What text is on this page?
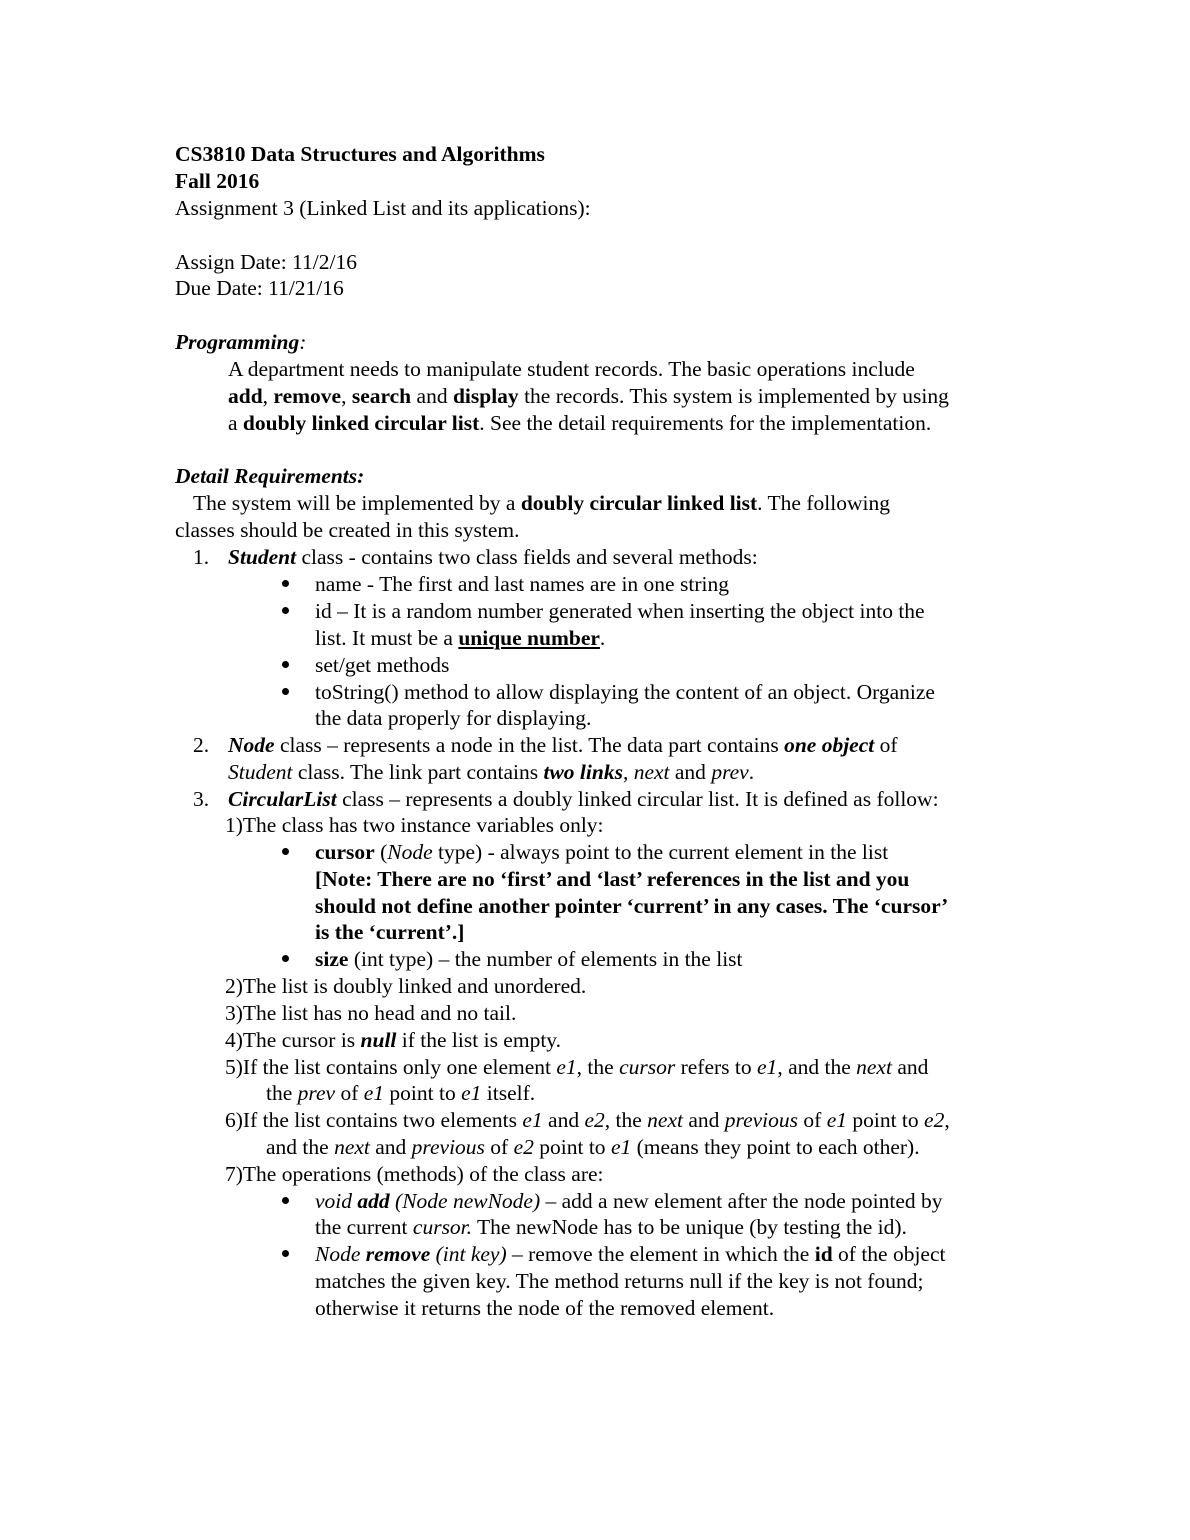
CS3810 Data Structures and Algorithms
Fall 2016
Assignment 3 (Linked List and its applications):
Assign Date: 11/2/16
Due Date: 11/21/16
Programming:
A department needs to manipulate student records. The basic operations include
add, remove, search and display the records. This system is implemented by using
a doubly linked circular list. See the detail requirements for the implementation.
Detail Requirements:
The system will be implemented by a doubly circular linked list. The following
classes should be created in this system.
1. Student class - contains two class fields and several methods:
name - The first and last names are in one string
id – It is a random number generated when inserting the object into the
list. It must be a unique number.
set/get methods
toString() method to allow displaying the content of an object. Organize
the data properly for displaying.
2. Node class – represents a node in the list. The data part contains one object of
Student class. The link part contains two links, next and prev.
3. CircularList class – represents a doubly linked circular list. It is defined as follow:
1)The class has two instance variables only:
cursor (Node type) - always point to the current element in the list
[Note: There are no ‘first’ and ‘last’ references in the list and you
should not define another pointer ‘current’ in any cases. The ‘cursor’
is the ‘current’.]
size (int type) – the number of elements in the list
2)The list is doubly linked and unordered.
3)The list has no head and no tail.
4)The cursor is null if the list is empty.
5)If the list contains only one element e1, the cursor refers to e1, and the next and
the prev of e1 point to e1 itself.
6)If the list contains two elements e1 and e2, the next and previous of e1 point to e2,
and the next and previous of e2 point to e1 (means they point to each other).
7)The operations (methods) of the class are:
void add (Node newNode) – add a new element after the node pointed by
the current cursor. The newNode has to be unique (by testing the id).
Node remove (int key) – remove the element in which the id of the object
matches the given key. The method returns null if the key is not found;
otherwise it returns the node of the removed element.
